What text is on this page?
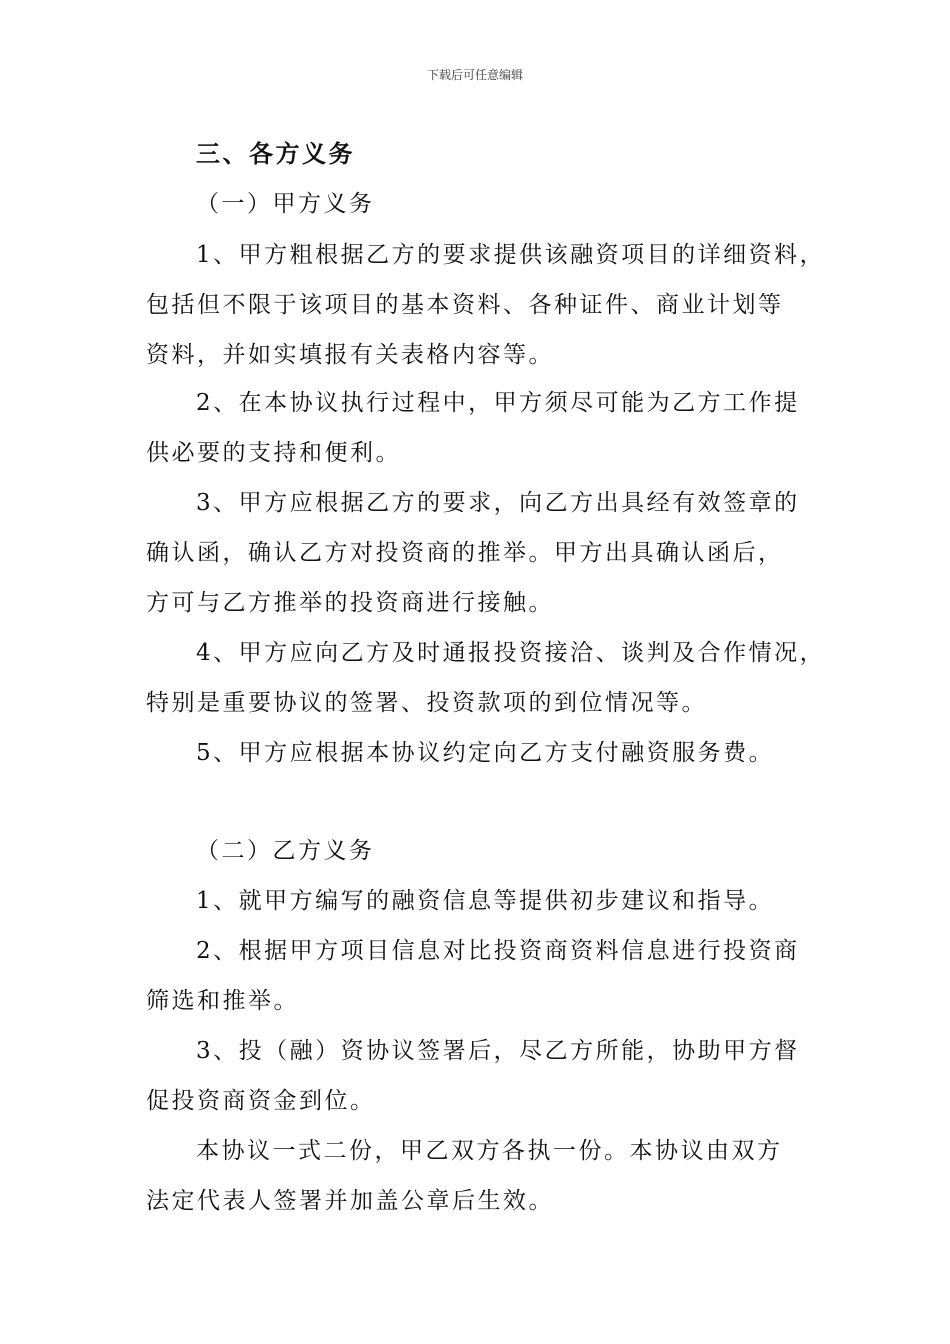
下载后可任意编辑
三、各方义务
（一）甲方义务
1、甲方粗根据乙方的要求提供该融资项目的详细资料，
包括但不限于该项目的基本资料、各种证件、商业计划等
资料，并如实填报有关表格内容等。
2、在本协议执行过程中，甲方须尽可能为乙方工作提
供必要的支持和便利。
3、甲方应根据乙方的要求，向乙方出具经有效签章的
确认函，确认乙方对投资商的推举。甲方出具确认函后，
方可与乙方推举的投资商进行接触。
4、甲方应向乙方及时通报投资接洽、谈判及合作情况，
特别是重要协议的签署、投资款项的到位情况等。
5、甲方应根据本协议约定向乙方支付融资服务费。
（二）乙方义务
1、就甲方编写的融资信息等提供初步建议和指导。
2、根据甲方项目信息对比投资商资料信息进行投资商
筛选和推举。
3、投（融）资协议签署后，尽乙方所能，协助甲方督
促投资商资金到位。
本协议一式二份，甲乙双方各执一份。本协议由双方
法定代表人签署并加盖公章后生效。
